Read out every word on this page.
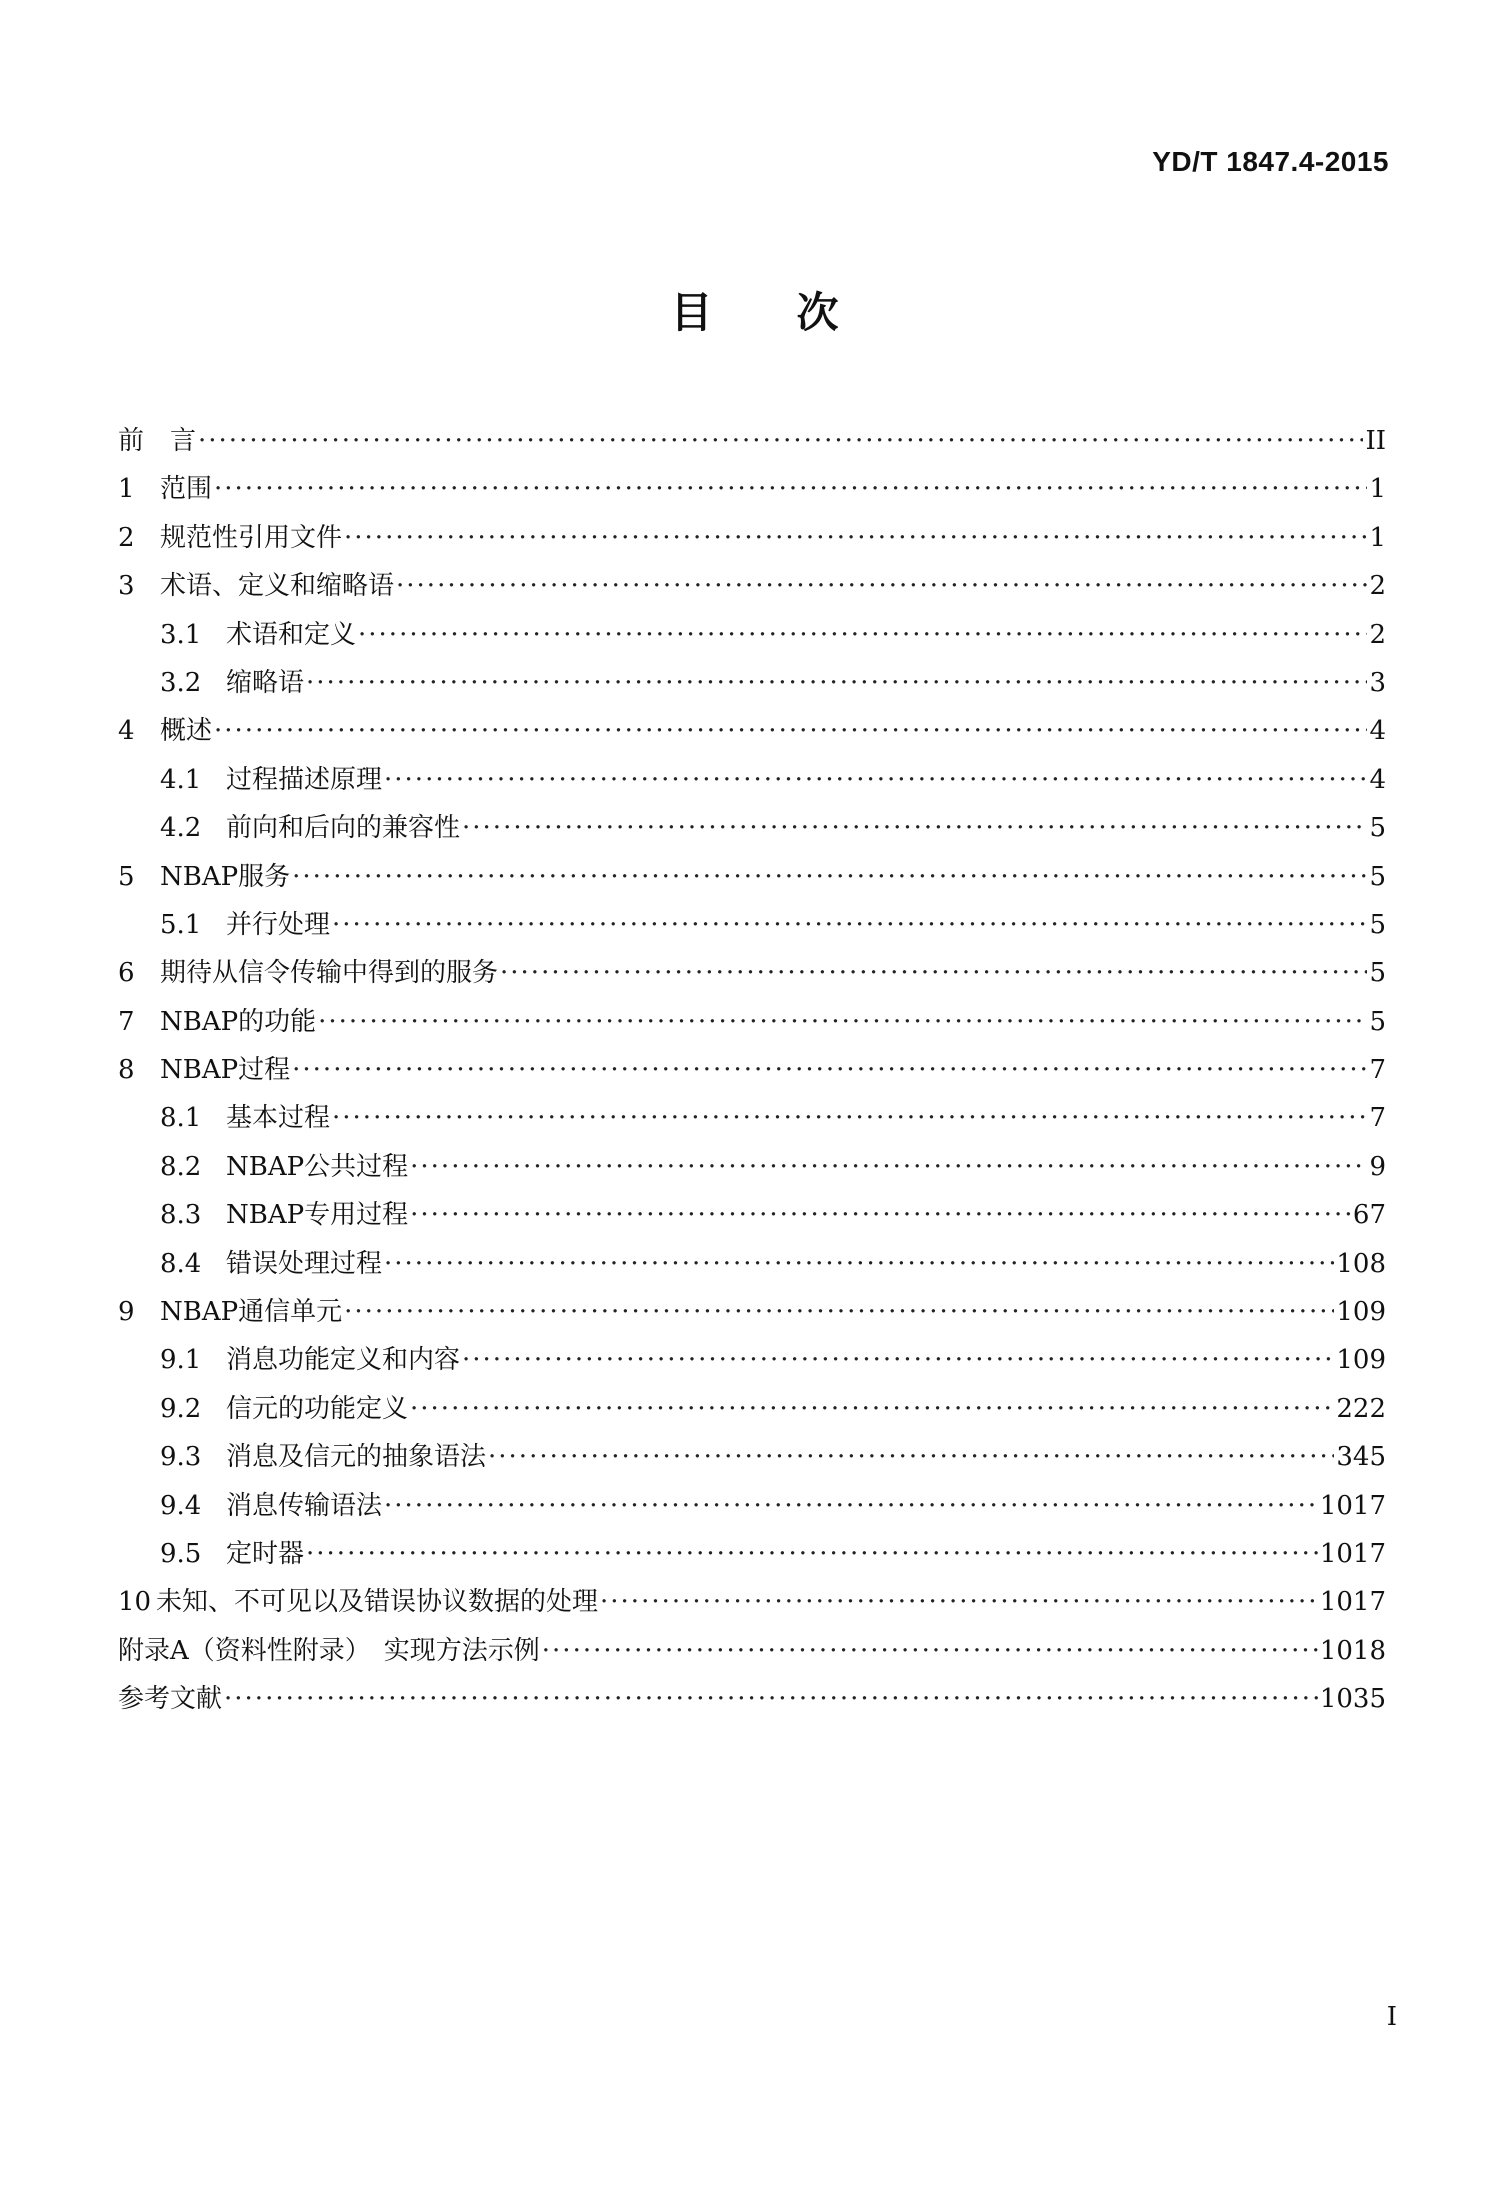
YD/T 1847.4-2015
目　　次
前　言 ·····	II
1 范围 ·····	1
2 规范性引用文件 ·····	1
3 术语、定义和缩略语 ·····	2
3.1 术语和定义 ·····	2
3.2 缩略语 ·····	3
4 概述 ·····	4
4.1 过程描述原理 ·····	4
4.2 前向和后向的兼容性 ·····	5
5 NBAP服务 ·····	5
5.1 并行处理 ·····	5
6 期待从信令传输中得到的服务 ·····	5
7 NBAP的功能 ·····	5
8 NBAP过程 ·····	7
8.1 基本过程 ·····	7
8.2 NBAP公共过程 ·····	9
8.3 NBAP专用过程 ·····	67
8.4 错误处理过程 ·····	108
9 NBAP通信单元 ·····	109
9.1 消息功能定义和内容 ·····	109
9.2 信元的功能定义 ·····	222
9.3 消息及信元的抽象语法 ·····	345
9.4 消息传输语法 ·····	1017
9.5 定时器 ·····	1017
10 未知、不可见以及错误协议数据的处理 ·····	1017
附录A（资料性附录）　实现方法示例 ·····	1018
参考文献 ·····	1035
I
